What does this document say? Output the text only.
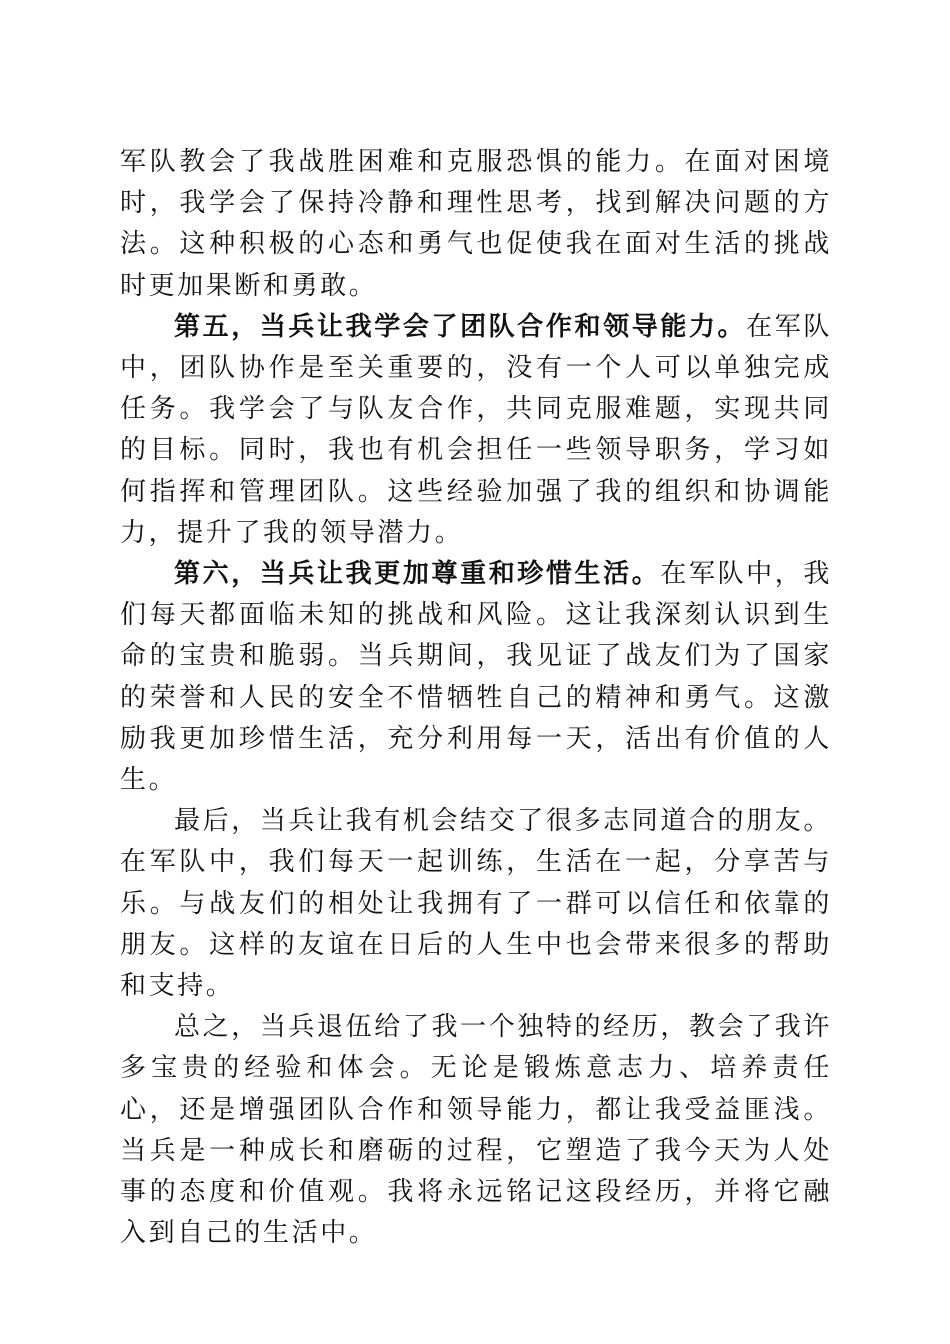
军队教会了我战胜困难和克服恐惧的能力。在面对困境时，我学会了保持冷静和理性思考，找到解决问题的方法。这种积极的心态和勇气也促使我在面对生活的挑战时更加果断和勇敢。

第五，当兵让我学会了团队合作和领导能力。在军队中，团队协作是至关重要的，没有一个人可以单独完成任务。我学会了与队友合作，共同克服难题，实现共同的目标。同时，我也有机会担任一些领导职务，学习如何指挥和管理团队。这些经验加强了我的组织和协调能力，提升了我的领导潜力。

第六，当兵让我更加尊重和珍惜生活。在军队中，我们每天都面临未知的挑战和风险。这让我深刻认识到生命的宝贵和脆弱。当兵期间，我见证了战友们为了国家的荣誉和人民的安全不惜牺牲自己的精神和勇气。这激励我更加珍惜生活，充分利用每一天，活出有价值的人生。

最后，当兵让我有机会结交了很多志同道合的朋友。在军队中，我们每天一起训练，生活在一起，分享苦与乐。与战友们的相处让我拥有了一群可以信任和依靠的朋友。这样的友谊在日后的人生中也会带来很多的帮助和支持。

总之，当兵退伍给了我一个独特的经历，教会了我许多宝贵的经验和体会。无论是锻炼意志力、培养责任心，还是增强团队合作和领导能力，都让我受益匪浅。当兵是一种成长和磨砺的过程，它塑造了我今天为人处事的态度和价值观。我将永远铭记这段经历，并将它融入到自己的生活中。
